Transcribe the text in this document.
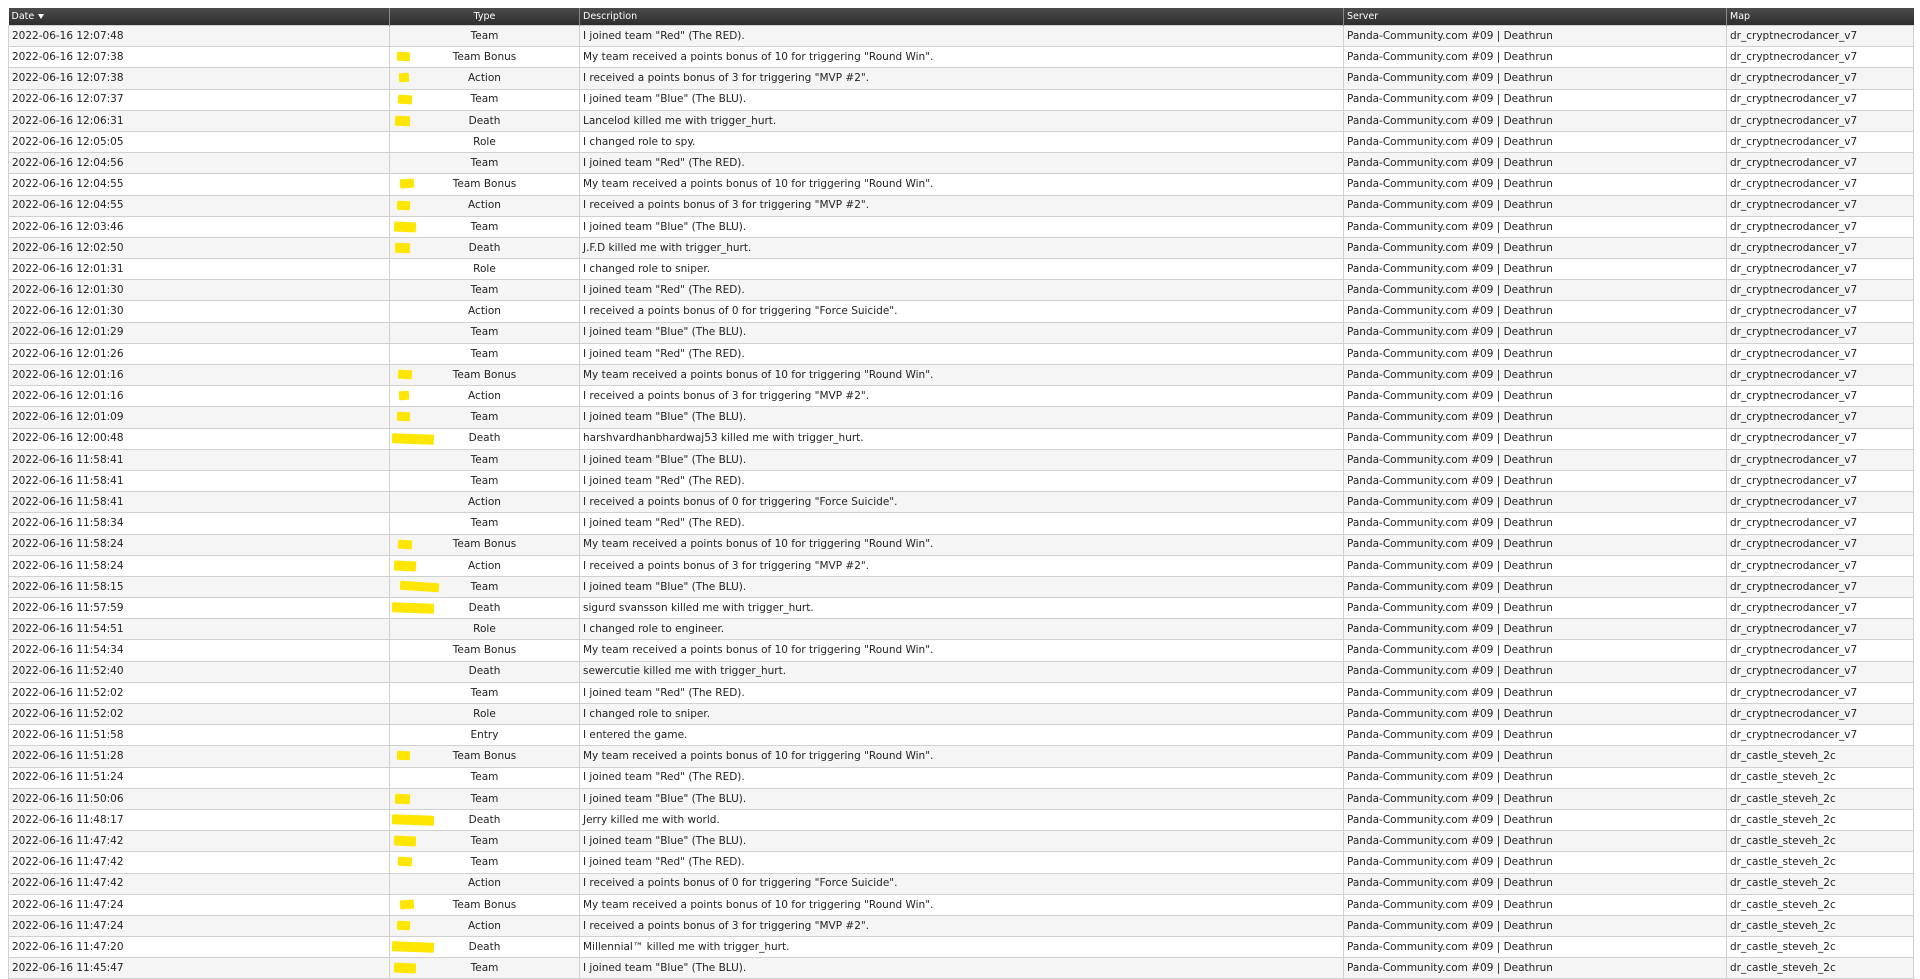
Date	Type	Description	Server	Map
2022-06-16 12:07:48	Team	I joined team "Red" (The RED).	Panda-Community.com #09 | Deathrun	dr_cryptnecrodancer_v7
2022-06-16 12:07:38	Team Bonus	My team received a points bonus of 10 for triggering "Round Win".	Panda-Community.com #09 | Deathrun	dr_cryptnecrodancer_v7
2022-06-16 12:07:38	Action	I received a points bonus of 3 for triggering "MVP #2".	Panda-Community.com #09 | Deathrun	dr_cryptnecrodancer_v7
2022-06-16 12:07:37	Team	I joined team "Blue" (The BLU).	Panda-Community.com #09 | Deathrun	dr_cryptnecrodancer_v7
2022-06-16 12:06:31	Death	Lancelod killed me with trigger_hurt.	Panda-Community.com #09 | Deathrun	dr_cryptnecrodancer_v7
2022-06-16 12:05:05	Role	I changed role to spy.	Panda-Community.com #09 | Deathrun	dr_cryptnecrodancer_v7
2022-06-16 12:04:56	Team	I joined team "Red" (The RED).	Panda-Community.com #09 | Deathrun	dr_cryptnecrodancer_v7
2022-06-16 12:04:55	Team Bonus	My team received a points bonus of 10 for triggering "Round Win".	Panda-Community.com #09 | Deathrun	dr_cryptnecrodancer_v7
2022-06-16 12:04:55	Action	I received a points bonus of 3 for triggering "MVP #2".	Panda-Community.com #09 | Deathrun	dr_cryptnecrodancer_v7
2022-06-16 12:03:46	Team	I joined team "Blue" (The BLU).	Panda-Community.com #09 | Deathrun	dr_cryptnecrodancer_v7
2022-06-16 12:02:50	Death	J.F.D killed me with trigger_hurt.	Panda-Community.com #09 | Deathrun	dr_cryptnecrodancer_v7
2022-06-16 12:01:31	Role	I changed role to sniper.	Panda-Community.com #09 | Deathrun	dr_cryptnecrodancer_v7
2022-06-16 12:01:30	Team	I joined team "Red" (The RED).	Panda-Community.com #09 | Deathrun	dr_cryptnecrodancer_v7
2022-06-16 12:01:30	Action	I received a points bonus of 0 for triggering "Force Suicide".	Panda-Community.com #09 | Deathrun	dr_cryptnecrodancer_v7
2022-06-16 12:01:29	Team	I joined team "Blue" (The BLU).	Panda-Community.com #09 | Deathrun	dr_cryptnecrodancer_v7
2022-06-16 12:01:26	Team	I joined team "Red" (The RED).	Panda-Community.com #09 | Deathrun	dr_cryptnecrodancer_v7
2022-06-16 12:01:16	Team Bonus	My team received a points bonus of 10 for triggering "Round Win".	Panda-Community.com #09 | Deathrun	dr_cryptnecrodancer_v7
2022-06-16 12:01:16	Action	I received a points bonus of 3 for triggering "MVP #2".	Panda-Community.com #09 | Deathrun	dr_cryptnecrodancer_v7
2022-06-16 12:01:09	Team	I joined team "Blue" (The BLU).	Panda-Community.com #09 | Deathrun	dr_cryptnecrodancer_v7
2022-06-16 12:00:48	Death	harshvardhanbhardwaj53 killed me with trigger_hurt.	Panda-Community.com #09 | Deathrun	dr_cryptnecrodancer_v7
2022-06-16 11:58:41	Team	I joined team "Blue" (The BLU).	Panda-Community.com #09 | Deathrun	dr_cryptnecrodancer_v7
2022-06-16 11:58:41	Team	I joined team "Red" (The RED).	Panda-Community.com #09 | Deathrun	dr_cryptnecrodancer_v7
2022-06-16 11:58:41	Action	I received a points bonus of 0 for triggering "Force Suicide".	Panda-Community.com #09 | Deathrun	dr_cryptnecrodancer_v7
2022-06-16 11:58:34	Team	I joined team "Red" (The RED).	Panda-Community.com #09 | Deathrun	dr_cryptnecrodancer_v7
2022-06-16 11:58:24	Team Bonus	My team received a points bonus of 10 for triggering "Round Win".	Panda-Community.com #09 | Deathrun	dr_cryptnecrodancer_v7
2022-06-16 11:58:24	Action	I received a points bonus of 3 for triggering "MVP #2".	Panda-Community.com #09 | Deathrun	dr_cryptnecrodancer_v7
2022-06-16 11:58:15	Team	I joined team "Blue" (The BLU).	Panda-Community.com #09 | Deathrun	dr_cryptnecrodancer_v7
2022-06-16 11:57:59	Death	sigurd svansson killed me with trigger_hurt.	Panda-Community.com #09 | Deathrun	dr_cryptnecrodancer_v7
2022-06-16 11:54:51	Role	I changed role to engineer.	Panda-Community.com #09 | Deathrun	dr_cryptnecrodancer_v7
2022-06-16 11:54:34	Team Bonus	My team received a points bonus of 10 for triggering "Round Win".	Panda-Community.com #09 | Deathrun	dr_cryptnecrodancer_v7
2022-06-16 11:52:40	Death	sewercutie killed me with trigger_hurt.	Panda-Community.com #09 | Deathrun	dr_cryptnecrodancer_v7
2022-06-16 11:52:02	Team	I joined team "Red" (The RED).	Panda-Community.com #09 | Deathrun	dr_cryptnecrodancer_v7
2022-06-16 11:52:02	Role	I changed role to sniper.	Panda-Community.com #09 | Deathrun	dr_cryptnecrodancer_v7
2022-06-16 11:51:58	Entry	I entered the game.	Panda-Community.com #09 | Deathrun	dr_cryptnecrodancer_v7
2022-06-16 11:51:28	Team Bonus	My team received a points bonus of 10 for triggering "Round Win".	Panda-Community.com #09 | Deathrun	dr_castle_steveh_2c
2022-06-16 11:51:24	Team	I joined team "Red" (The RED).	Panda-Community.com #09 | Deathrun	dr_castle_steveh_2c
2022-06-16 11:50:06	Team	I joined team "Blue" (The BLU).	Panda-Community.com #09 | Deathrun	dr_castle_steveh_2c
2022-06-16 11:48:17	Death	Jerry killed me with world.	Panda-Community.com #09 | Deathrun	dr_castle_steveh_2c
2022-06-16 11:47:42	Team	I joined team "Blue" (The BLU).	Panda-Community.com #09 | Deathrun	dr_castle_steveh_2c
2022-06-16 11:47:42	Team	I joined team "Red" (The RED).	Panda-Community.com #09 | Deathrun	dr_castle_steveh_2c
2022-06-16 11:47:42	Action	I received a points bonus of 0 for triggering "Force Suicide".	Panda-Community.com #09 | Deathrun	dr_castle_steveh_2c
2022-06-16 11:47:24	Team Bonus	My team received a points bonus of 10 for triggering "Round Win".	Panda-Community.com #09 | Deathrun	dr_castle_steveh_2c
2022-06-16 11:47:24	Action	I received a points bonus of 3 for triggering "MVP #2".	Panda-Community.com #09 | Deathrun	dr_castle_steveh_2c
2022-06-16 11:47:20	Death	Millennial™ killed me with trigger_hurt.	Panda-Community.com #09 | Deathrun	dr_castle_steveh_2c
2022-06-16 11:45:47	Team	I joined team "Blue" (The BLU).	Panda-Community.com #09 | Deathrun	dr_castle_steveh_2c
